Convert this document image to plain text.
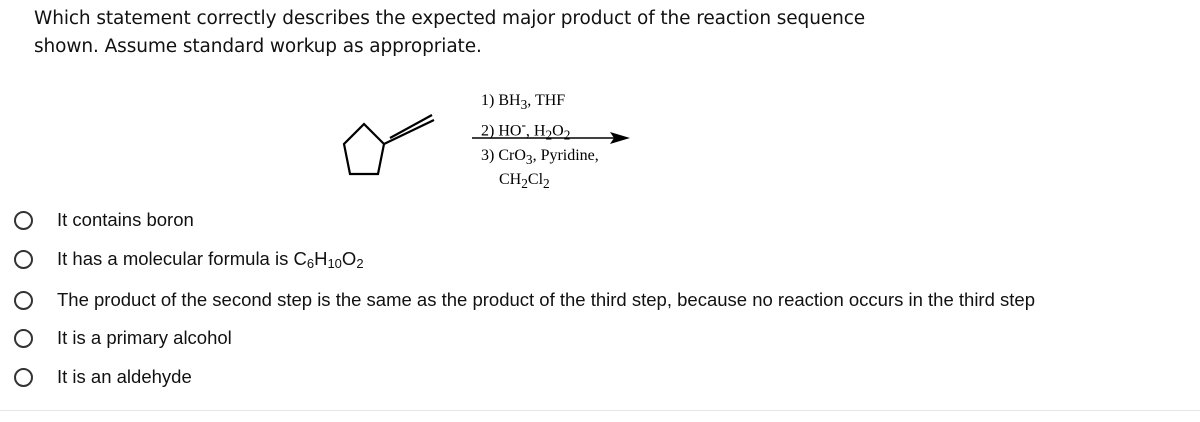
Which statement correctly describes the expected major product of the reaction sequence
shown. Assume standard workup as appropriate.
1) $BH_3$, THF
2) HO-, $H_2O_2$
3) CrO$_3$, Pyridine,
$CH_2Cl_2$
It contains boron
It has a molecular formula is $C_6H_{10}O_2$
The product of the second step is the same as the product of the third step, because no reaction occurs in the third step
It is a primary alcohol
It is an aldehyde
